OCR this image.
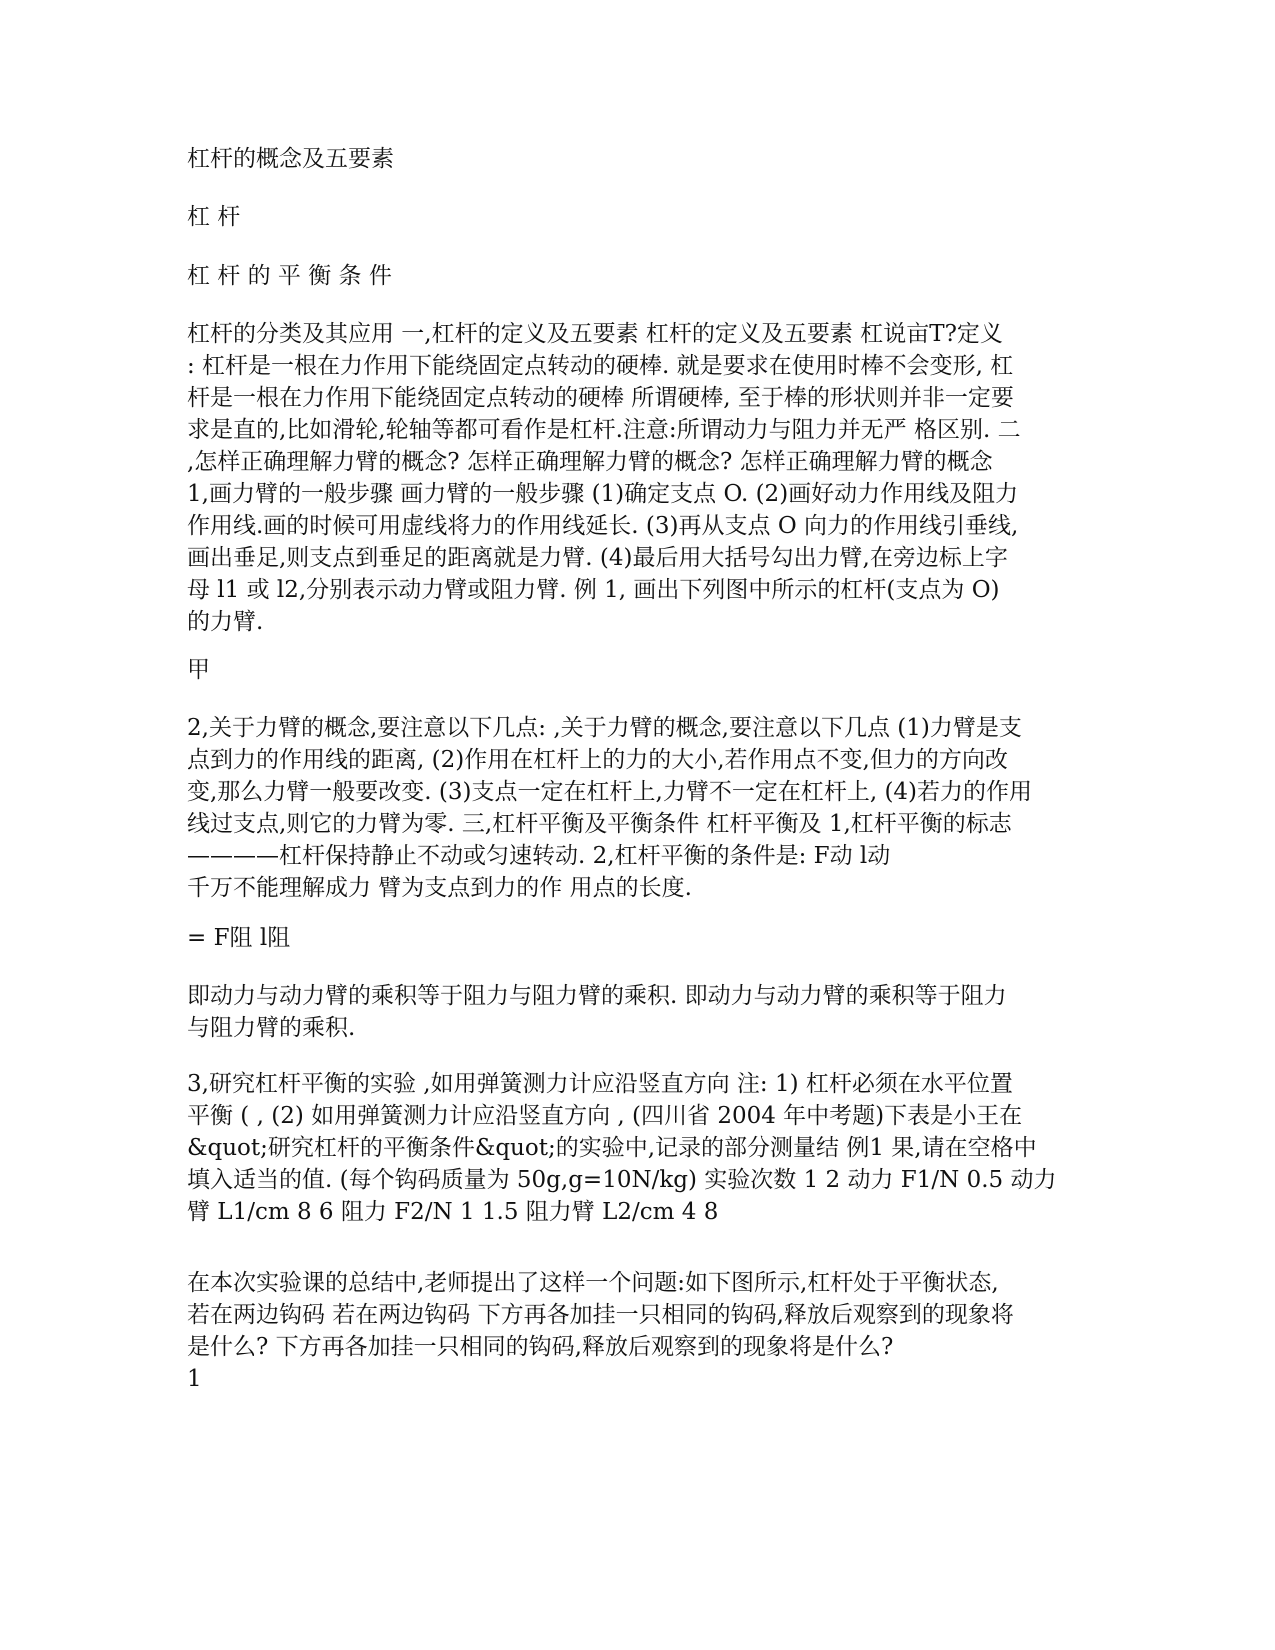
杠杆的概念及五要素

杠 杆

杠 杆 的 平 衡 条 件

杠杆的分类及其应用 一,杠杆的定义及五要素 杠杆的定义及五要素 杠说亩T?定义
: 杠杆是一根在力作用下能绕固定点转动的硬棒. 就是要求在使用时棒不会变形, 杠
杆是一根在力作用下能绕固定点转动的硬棒 所谓硬棒, 至于棒的形状则并非一定要
求是直的,比如滑轮,轮轴等都可看作是杠杆.注意:所谓动力与阻力并无严 格区别. 二
,怎样正确理解力臂的概念? 怎样正确理解力臂的概念? 怎样正确理解力臂的概念
1,画力臂的一般步骤 画力臂的一般步骤 (1)确定支点 O. (2)画好动力作用线及阻力
作用线.画的时候可用虚线将力的作用线延长. (3)再从支点 O 向力的作用线引垂线,
画出垂足,则支点到垂足的距离就是力臂. (4)最后用大括号勾出力臂,在旁边标上字
母 l1 或 l2,分别表示动力臂或阻力臂. 例 1, 画出下列图中所示的杠杆(支点为 O)
的力臂.

甲

2,关于力臂的概念,要注意以下几点: ,关于力臂的概念,要注意以下几点 (1)力臂是支
点到力的作用线的距离, (2)作用在杠杆上的力的大小,若作用点不变,但力的方向改
变,那么力臂一般要改变. (3)支点一定在杠杆上,力臂不一定在杠杆上, (4)若力的作用
线过支点,则它的力臂为零. 三,杠杆平衡及平衡条件 杠杆平衡及 1,杠杆平衡的标志
————杠杆保持静止不动或匀速转动. 2,杠杆平衡的条件是: F动 l动
千万不能理解成力 臂为支点到力的作 用点的长度.

= F阻 l阻

即动力与动力臂的乘积等于阻力与阻力臂的乘积. 即动力与动力臂的乘积等于阻力
与阻力臂的乘积.

3,研究杠杆平衡的实验 ,如用弹簧测力计应沿竖直方向 注: 1) 杠杆必须在水平位置
平衡 ( , (2) 如用弹簧测力计应沿竖直方向 , (四川省 2004 年中考题)下表是小王在
&quot;研究杠杆的平衡条件&quot;的实验中,记录的部分测量结 例1 果,请在空格中
填入适当的值. (每个钩码质量为 50g,g=10N/kg) 实验次数 1 2 动力 F1/N 0.5 动力
臂 L1/cm 8 6 阻力 F2/N 1 1.5 阻力臂 L2/cm 4 8

在本次实验课的总结中,老师提出了这样一个问题:如下图所示,杠杆处于平衡状态,
若在两边钩码 若在两边钩码 下方再各加挂一只相同的钩码,释放后观察到的现象将
是什么? 下方再各加挂一只相同的钩码,释放后观察到的现象将是什么?

1
